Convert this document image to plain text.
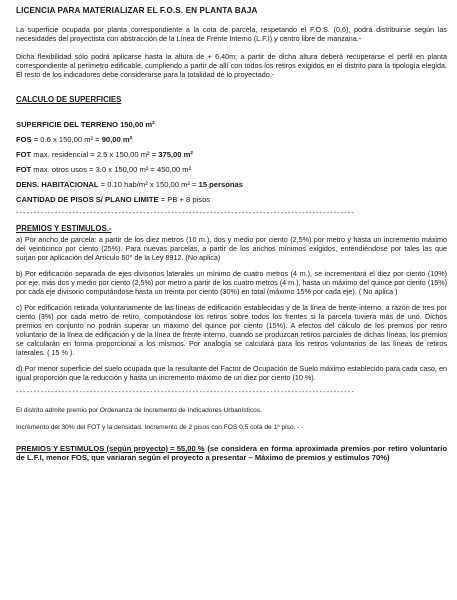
LICENCIA PARA MATERIALIZAR EL F.O.S. EN PLANTA BAJA

La superficie ocupada por planta correspondiente a la cota de parcela, respetando el F.O.S. (0,6), podrá distribuirse según las necesidades del proyectista con abstracción de la Línea de Frente Interno (L.F.I) y centro libre de manzana.-

Dicha flexibilidad sólo podrá aplicarse hasta la altura de + 6,40m; a partir de dicha altura deberá recuperarse el perfil en planta correspondiente al perímetro edificable, cumpliendo a partir de allí con todos los retiros exigidos en el distrito para la tipología elegida. El resto de los indicadores debe considerarse para la totalidad de lo proyectado.-

CALCULO DE SUPERFICIES
SUPERFICIE DEL TERRENO 150,00 m²
FOS = 0.6 x 150,00 m² = 90,00 m²
FOT max. residencial = 2.5 x 150,00 m² = 375,00 m²
FOT max. otros usos = 3.0 x 150,00 m² = 450,00 m²
DENS. HABITACIONAL = 0.10 hab/m² x 150,00 m² = 15 personas
CANTIDAD DE PISOS S/ PLANO LIMITE = PB + 8 pisos
------------------------------------------------------------------------------------------------
PREMIOS Y ESTIMULOS.-

a) Por ancho de parcela: a partir de los diez metros (10 m.), dos y medio por ciento (2,5%) por metro y hasta un incremento máximo del veinticinco por ciento (25%). Para nuevas parcelas, a partir de los anchos mínimos exigidos, entendiéndose por tales las que surjan por aplicación del Artículo 50° de la Ley 8912. (No aplica)

b) Por edificación separada de ejes divisorios laterales un mínimo de cuatro metros (4 m.), se incrementará el diez por ciento (10%) por eje, más dos y medio por ciento (2,5%) por metro a partir de los cuatro metros (4 m.), hasta un máximo del quince por ciento (15%) por cada eje divisorio computándose hasta un treinta por ciento (30%) en total (máximo 15% por cada eje). ( No aplica )

c) Por edificación retirada voluntariamente de las líneas de edificación establecidas y de la línea de frente interno, a razón de tres por ciento (3%) por cada metro de retiro, computándose los retiros sobre todos los frentes si la parcela tuviera más de uno. Dichos premios en conjunto no podrán superar un máximo del quince por ciento (15%). A efectos del cálculo de los premios por retiro voluntario de la línea de edificación y de la línea de frente interno, cuando se produzcan retiros parciales de dichas líneas, los premios se calcularán en forma proporcional a los mismos. Por analogía se calculará para los retiros voluntarios de las líneas de retiros laterales. ( 15 % ).

d) Por menor superficie del suelo ocupada que la resultante del Factor de Ocupación de Suelo máximo establecido para cada caso, en igual proporción que la reducción y hasta un incremento máximo de un diez por ciento (10 %).

------------------------------------------------------------------------------------------------

El distrito admite premio por Ordenanza de Incremento de Indicadores Urbanísticos.

Incremento del 30% del FOT y la densidad. Incremento de 2 pisos con FOS 0.5 cota de 1º piso. - -

PREMIOS Y ESTIMULOS (según proyecto) = 55,00 % (se considera en forma aproximada premios por retiro voluntario de L.F.I, menor FOS, que variaran según el proyecto a presentar – Máximo de premios y estímulos 70%)
